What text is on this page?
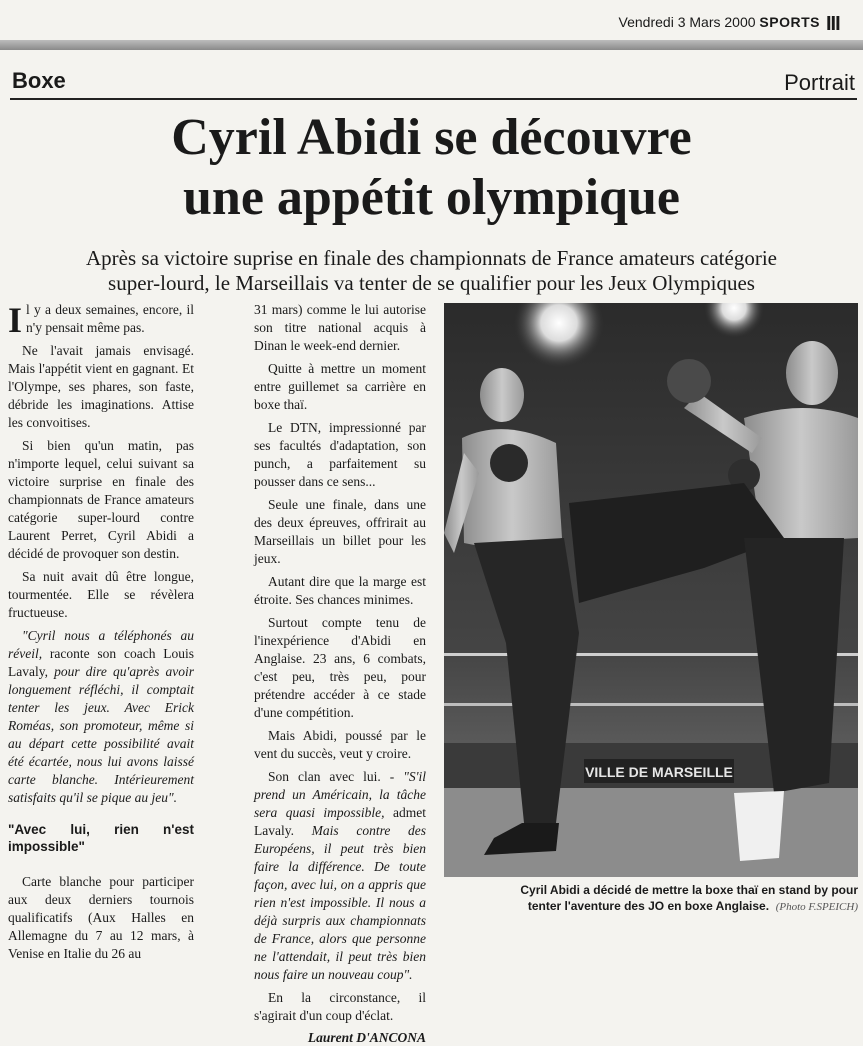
Vendredi 3 Mars 2000 SPORTS III
Boxe	Portrait
Cyril Abidi se découvre
une appétit olympique
Après sa victoire suprise en finale des championnats de France amateurs catégorie
super-lourd, le Marseillais va tenter de se qualifier pour les Jeux Olympiques

Il y a deux semaines, encore, il n'y pensait même pas.

Ne l'avait jamais envisagé. Mais l'appétit vient en gagnant. Et l'Olympe, ses phares, son faste, débride les imaginations. Attise les convoitises.

Si bien qu'un matin, pas n'importe lequel, celui suivant sa victoire surprise en finale des championnats de France amateurs catégorie super-lourd contre Laurent Perret, Cyril Abidi a décidé de provoquer son destin.

Sa nuit avait dû être longue, tourmentée. Elle se révèlera fructueuse.

"Cyril nous a téléphonés au réveil, raconte son coach Louis Lavaly, pour dire qu'après avoir longuement réfléchi, il comptait tenter les jeux. Avec Erick Roméas, son promoteur, même si au départ cette possibilité avait été écartée, nous lui avons laissé carte blanche. Intérieurement satisfaits qu'il se pique au jeu".

"Avec lui, rien n'est impossible"

Carte blanche pour participer aux deux derniers tournois qualificatifs (Aux Halles en Allemagne du 7 au 12 mars, à Venise en Italie du 26 au

31 mars) comme le lui autorise son titre national acquis à Dinan le week-end dernier.

Quitte à mettre un moment entre guillemet sa carrière en boxe thaï.

Le DTN, impressionné par ses facultés d'adaptation, son punch, a parfaitement su pousser dans ce sens...

Seule une finale, dans une des deux épreuves, offrirait au Marseillais un billet pour les jeux.

Autant dire que la marge est étroite. Ses chances minimes.

Surtout compte tenu de l'inexpérience d'Abidi en Anglaise. 23 ans, 6 combats, c'est peu, très peu, pour prétendre accéder à ce stade d'une compétition.

Mais Abidi, poussé par le vent du succès, veut y croire.

Son clan avec lui. - "S'il prend un Américain, la tâche sera quasi impossible, admet Lavaly. Mais contre des Européens, il peut très bien faire la différence. De toute façon, avec lui, on a appris que rien n'est impossible. Il nous a déjà surpris aux championnats de France, alors que personne ne l'attendait, il peut très bien nous faire un nouveau coup".

En la circonstance, il s'agirait d'un coup d'éclat.

Laurent D'ANCONA
VILLE DE MARSEILLE
Cyril Abidi a décidé de mettre la boxe thaï en stand by pour
tenter l'aventure des JO en boxe Anglaise. (Photo F.SPEICH)
